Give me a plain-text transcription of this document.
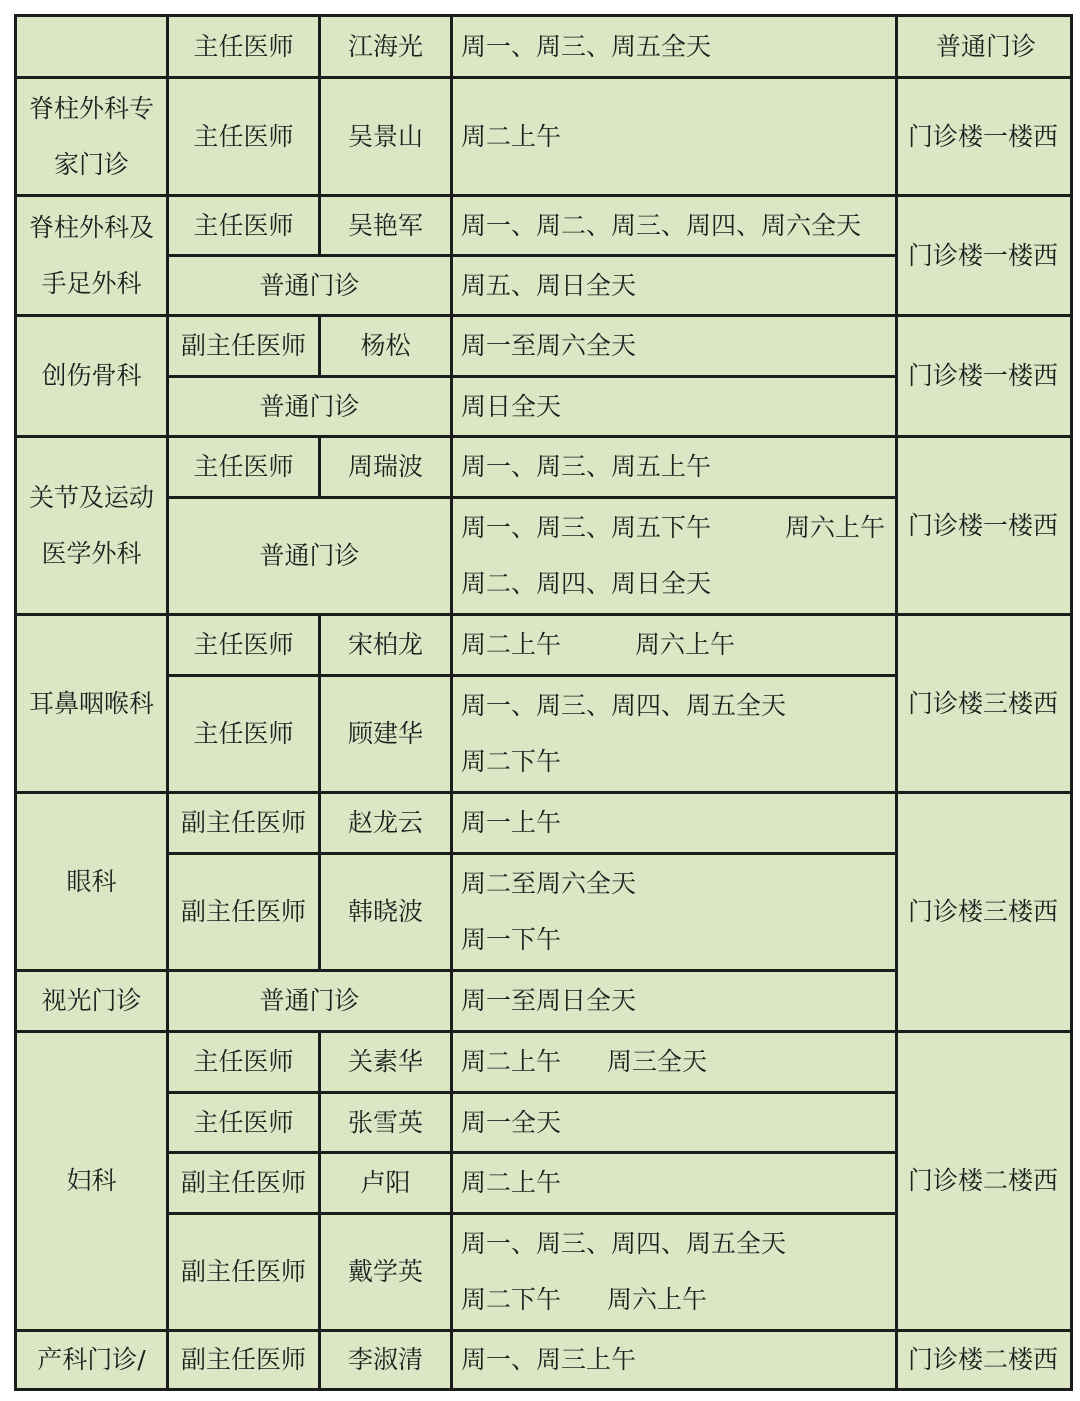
	主任医师	江海光	周一、周三、周五全天	普通门诊
脊柱外科专家门诊	主任医师	吴景山	周二上午	门诊楼一楼西
脊柱外科及手足外科	主任医师	吴艳军	周一、周二、周三、周四、周六全天	门诊楼一楼西
	普通门诊		周五、周日全天	
创伤骨科	副主任医师	杨松	周一至周六全天	门诊楼一楼西
	普通门诊		周日全天	
关节及运动医学外科	主任医师	周瑞波	周一、周三、周五上午	门诊楼一楼西
	普通门诊		周一、周三、周五下午 周六上午
周二、周四、周日全天	

耳鼻咽喉科	主任医师	宋柏龙	周二上午 周六上午	门诊楼三楼西
	主任医师	顾建华	周一、周三、周四、周五全天
周二下午	

眼科	副主任医师	赵龙云	周一上午	门诊楼三楼西
	副主任医师	韩晓波	周二至周六全天
周一下午	

视光门诊	普通门诊		周一至周日全天	
妇科	主任医师	关素华	周二上午 周三全天	门诊楼二楼西
	主任医师	张雪英	周一全天	
	副主任医师	卢阳	周二上午	
	副主任医师	戴学英	周一、周三、周四、周五全天
周二下午 周六上午	

产科门诊/	副主任医师	李淑清	周一、周三上午	门诊楼二楼西
